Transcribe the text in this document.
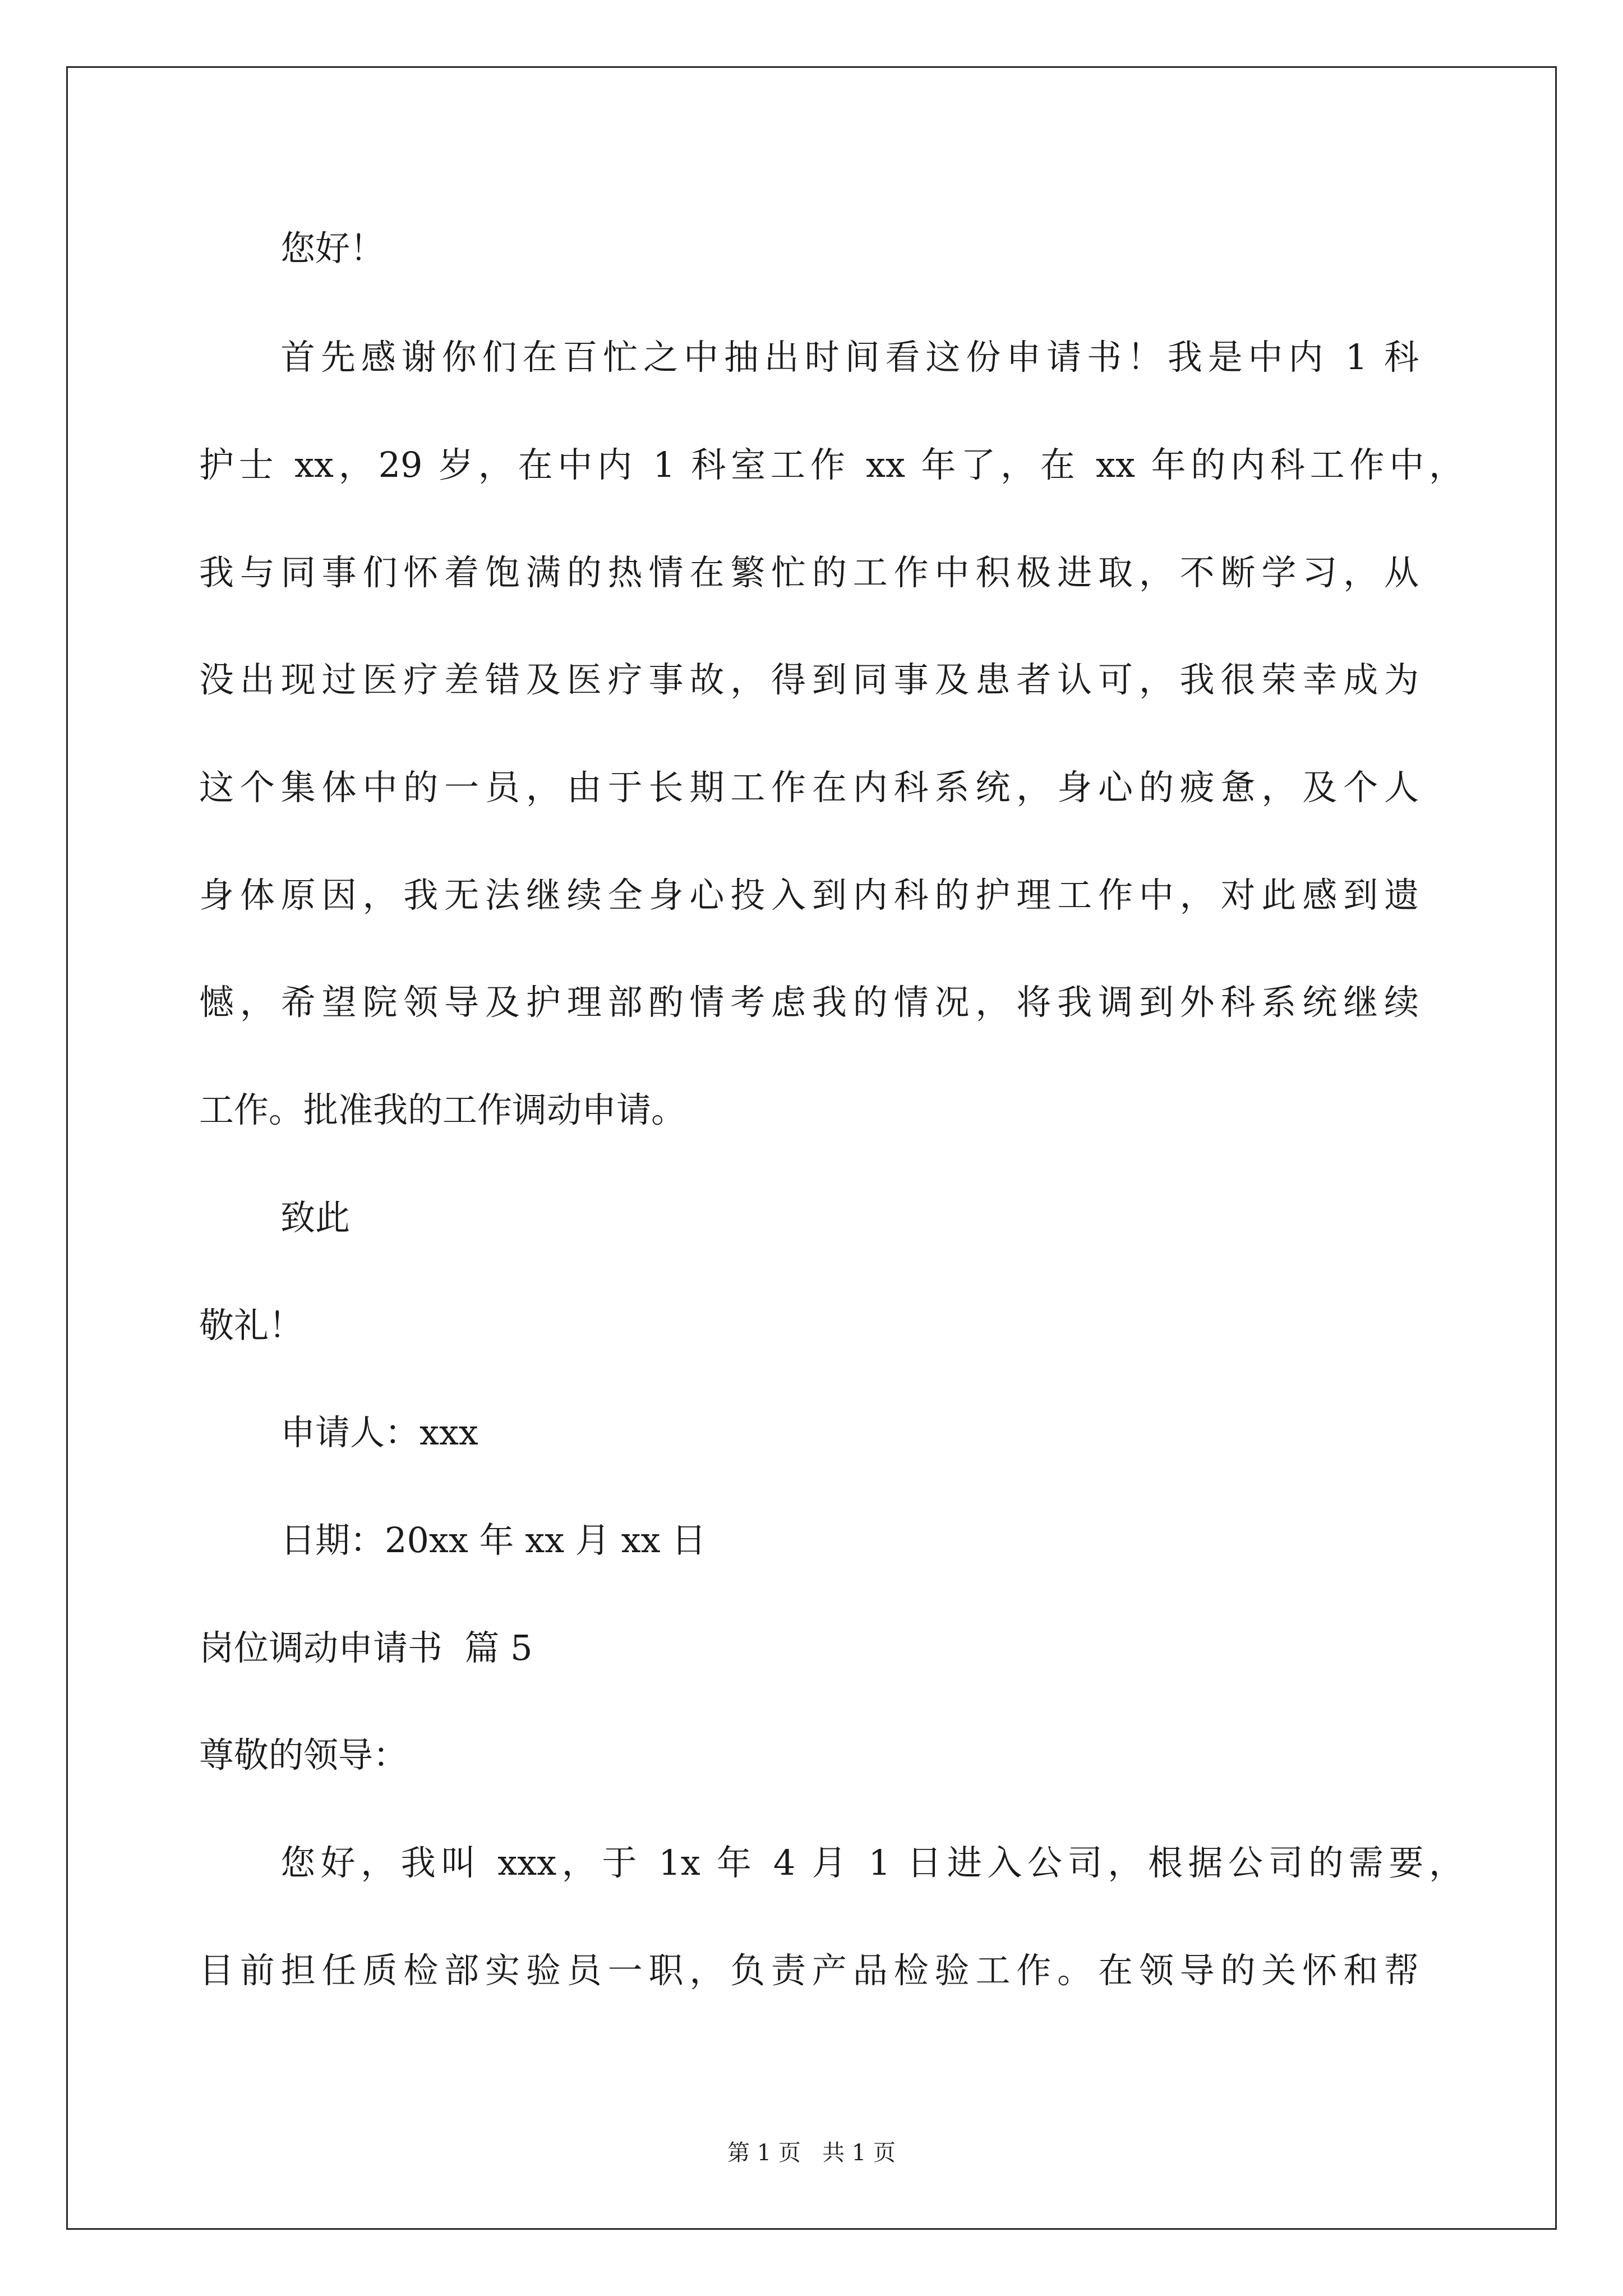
您好！
首先感谢你们在百忙之中抽出时间看这份申请书！我是中内 1 科
护士 xx，29 岁，在中内 1 科室工作 xx 年了，在 xx 年的内科工作中，
我与同事们怀着饱满的热情在繁忙的工作中积极进取，不断学习，从
没出现过医疗差错及医疗事故，得到同事及患者认可，我很荣幸成为
这个集体中的一员，由于长期工作在内科系统，身心的疲惫，及个人
身体原因，我无法继续全身心投入到内科的护理工作中，对此感到遗
憾，希望院领导及护理部酌情考虑我的情况，将我调到外科系统继续
工作。批准我的工作调动申请。
致此
敬礼！
申请人：xxx
日期：20xx 年 xx 月 xx 日
岗位调动申请书  篇 5
尊敬的领导：
您好，我叫 xxx，于 1x 年 4 月 1 日进入公司，根据公司的需要，
目前担任质检部实验员一职，负责产品检验工作。在领导的关怀和帮
第 1 页   共 1 页
